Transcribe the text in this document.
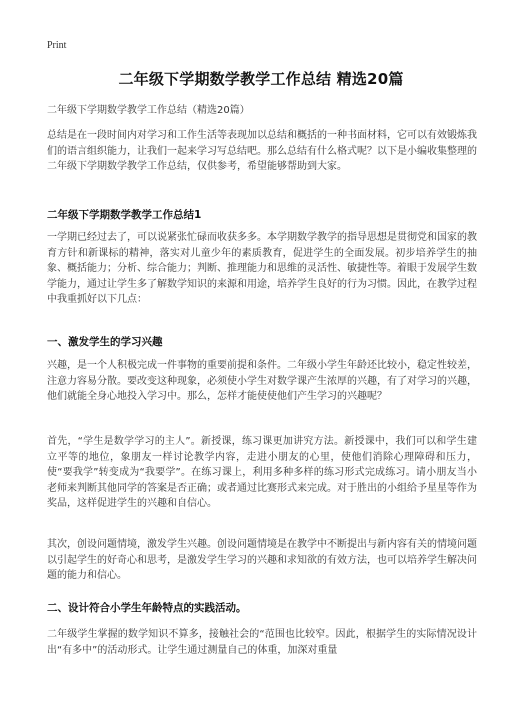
Print
二年级下学期数学教学工作总结 精选20篇
二年级下学期数学教学工作总结（精选20篇）

总结是在一段时间内对学习和工作生活等表现加以总结和概括的一种书面材料，它可以有效锻炼我们的语言组织能力，让我们一起来学习写总结吧。那么总结有什么格式呢？以下是小编收集整理的二年级下学期数学教学工作总结，仅供参考，希望能够帮助到大家。

二年级下学期数学教学工作总结1

一学期已经过去了，可以说紧张忙碌而收获多多。本学期数学教学的指导思想是贯彻党和国家的教育方针和新课标的精神，落实对儿童少年的素质教育，促进学生的全面发展。初步培养学生的抽象、概括能力；分析、综合能力；判断、推理能力和思维的灵活性、敏捷性等。着眼于发展学生数学能力，通过让学生多了解数学知识的来源和用途，培养学生良好的行为习惯。因此，在教学过程中我重抓好以下几点：

一、激发学生的学习兴趣

兴趣，是一个人积极完成一件事物的重要前提和条件。二年级小学生年龄还比较小，稳定性较差，注意力容易分散。要改变这种现象，必须使小学生对数学课产生浓厚的兴趣，有了对学习的兴趣，他们就能全身心地投入学习中。那么，怎样才能使使他们产生学习的兴趣呢？

首先，“学生是数学学习的主人”。新授课，练习课更加讲究方法。新授课中，我们可以和学生建立平等的地位，象朋友一样讨论教学内容，走进小朋友的心里，使他们消除心理障碍和压力，使“要我学”转变成为“我要学”。在练习课上，利用多种多样的练习形式完成练习。请小朋友当小老师来判断其他同学的答案是否正确；或者通过比赛形式来完成。对于胜出的小组给予星星等作为奖品，这样促进学生的兴趣和自信心。

其次，创设问题情境，激发学生兴趣。创设问题情境是在教学中不断提出与新内容有关的情境问题以引起学生的好奇心和思考，是激发学生学习的兴趣和求知欲的有效方法，也可以培养学生解决问题的能力和信心。

二、设计符合小学生年龄特点的实践活动。

二年级学生掌握的数学知识不算多，接触社会的“范围也比较窄。因此，根据学生的实际情况设计出“有多中”的活动形式。让学生通过测量自己的体重，加深对重量
